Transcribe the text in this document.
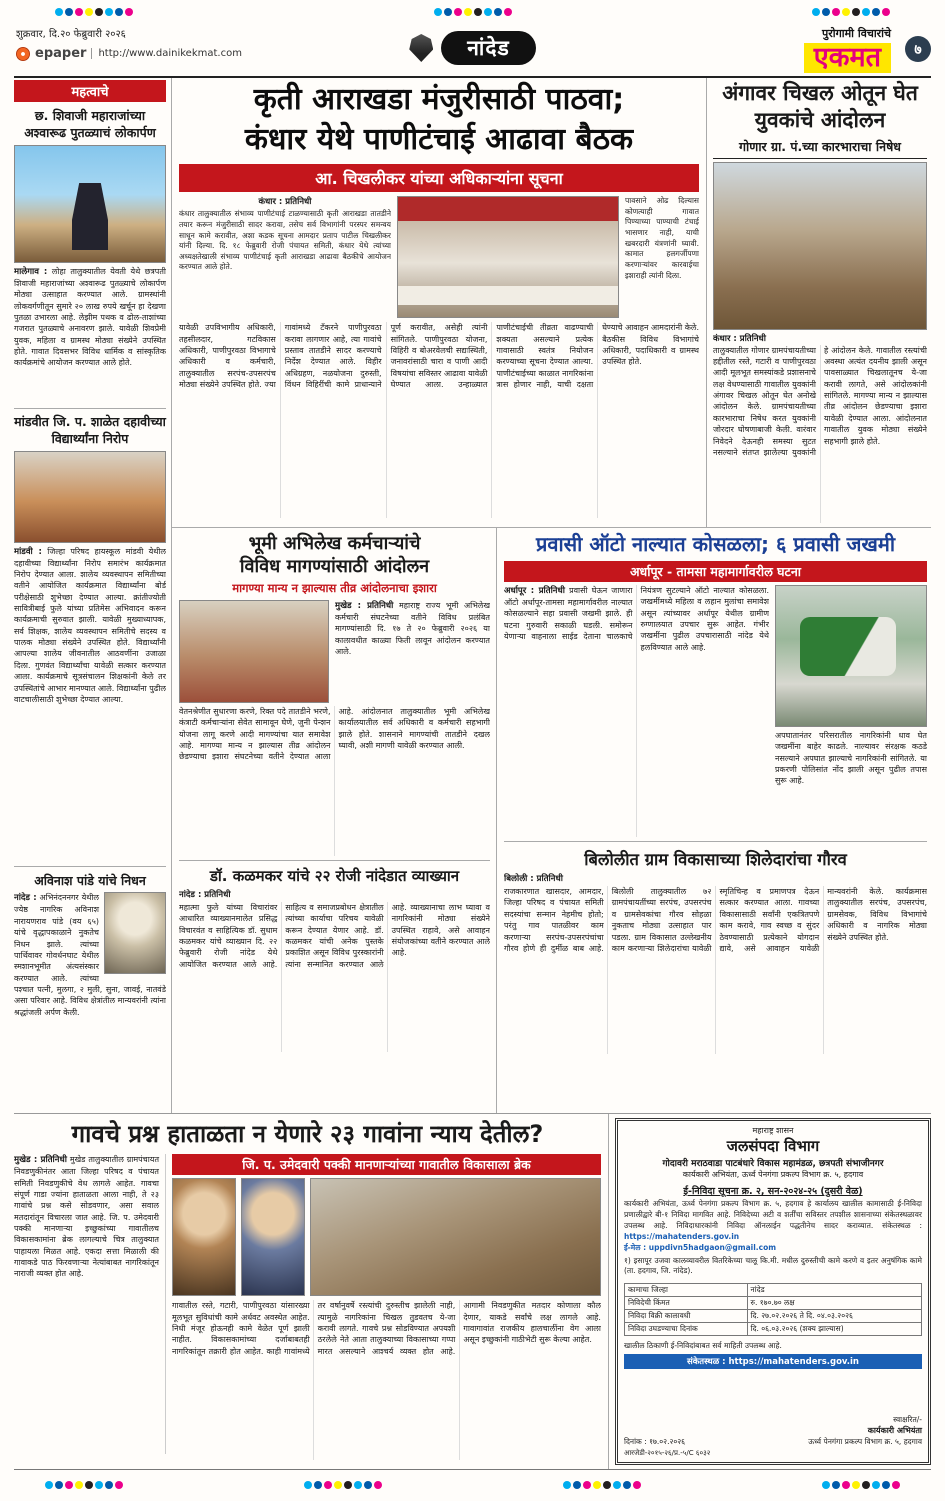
शुक्रवार, दि.२० फेब्रुवारी २०२६
epaper	http://www.dainikekmat.com	नांदेड
पुरोगामी विचारांचे
एकमत	७
महत्वाचे
छ. शिवाजी महाराजांच्या अश्वारूढ पुतळ्याचं लोकार्पण
मालेगाव : लोहा तालुक्यातील येवती येथे छत्रपती शिवाजी महाराजांच्या अश्वारूढ पुतळ्याचे लोकार्पण मोठ्या उत्साहात करण्यात आले. ग्रामस्थांनी लोकवर्गणीतून सुमारे २० लाख रुपये खर्चून हा देखणा पुतळा उभारला आहे. लेझीम पथक व ढोल-ताशांच्या गजरात पुतळ्याचे अनावरण झाले. यावेळी शिवप्रेमी युवक, महिला व ग्रामस्थ मोठ्या संख्येने उपस्थित होते. गावात दिवसभर विविध धार्मिक व सांस्कृतिक कार्यक्रमांचे आयोजन करण्यात आले होते.
मांडवीत जि. प. शाळेत दहावीच्या विद्यार्थ्यांना निरोप
मांडवी : जिल्हा परिषद हायस्कूल मांडवी येथील दहावीच्या विद्यार्थ्यांना निरोप समारंभ कार्यक्रमात निरोप देण्यात आला. शालेय व्यवस्थापन समितीच्या वतीने आयोजित कार्यक्रमात विद्यार्थ्यांना बोर्ड परीक्षेसाठी शुभेच्छा देण्यात आल्या. क्रांतीज्योती सावित्रीबाई फुले यांच्या प्रतिमेस अभिवादन करून कार्यक्रमाची सुरुवात झाली. यावेळी मुख्याध्यापक, सर्व शिक्षक, शालेय व्यवस्थापन समितीचे सदस्य व पालक मोठ्या संख्येने उपस्थित होते. विद्यार्थ्यांनी आपल्या शालेय जीवनातील आठवणींना उजाळा दिला. गुणवंत विद्यार्थ्यांचा यावेळी सत्कार करण्यात आला. कार्यक्रमाचे सूत्रसंचालन शिक्षकांनी केले तर उपस्थितांचे आभार मानण्यात आले. विद्यार्थ्यांना पुढील वाटचालीसाठी शुभेच्छा देण्यात आल्या.
अविनाश पांडे यांचे निधन
नांदेड : अभिनंदननगर येथील ज्येष्ठ नागरिक अविनाश नारायणराव पांडे (वय ६५) यांचे वृद्धापकाळाने नुकतेच निधन झाले. त्यांच्या पार्थिवावर गोवर्धनघाट येथील स्मशानभूमीत अंत्यसंस्कार करण्यात आले. त्यांच्या पश्चात पत्नी, मुलगा, २ मुली, सुना, जावई, नातवंडे असा परिवार आहे. विविध क्षेत्रांतील मान्यवरांनी त्यांना श्रद्धांजली अर्पण केली.
कृती आराखडा मंजुरीसाठी पाठवा;
कंधार येथे पाणीटंचाई आढावा बैठक
आ. चिखलीकर यांच्या अधिकाऱ्यांना सूचना
कंधार : प्रतिनिधी
कंधार तालुक्यातील संभाव्य पाणीटंचाई टाळण्यासाठी कृती आराखडा तातडीने तयार करून मंजुरीसाठी सादर करावा, तसेच सर्व विभागांनी परस्पर समन्वय साधून कामे करावीत, अशा कडक सूचना आमदार प्रताप पाटील चिखलीकर यांनी दिल्या. दि. १८ फेब्रुवारी रोजी पंचायत समिती, कंधार येथे त्यांच्या अध्यक्षतेखाली संभाव्य पाणीटंचाई कृती आराखडा आढावा बैठकीचे आयोजन करण्यात आले होते.
पावसाने ओढ दिल्यास कोणत्याही गावात पिण्याच्या पाण्याची टंचाई भासणार नाही, याची खबरदारी यंत्रणांनी घ्यावी. कामात हलगर्जीपणा करणाऱ्यांवर कारवाईचा इशाराही त्यांनी दिला.
यावेळी उपविभागीय अधिकारी, तहसीलदार, गटविकास अधिकारी, पाणीपुरवठा विभागाचे अधिकारी व कर्मचारी, तालुक्यातील सरपंच-उपसरपंच मोठ्या संख्येने उपस्थित होते. ज्या गावांमध्ये टँकरने पाणीपुरवठा करावा लागणार आहे, त्या गावांचे प्रस्ताव तातडीने सादर करण्याचे निर्देश देण्यात आले. विहीर अधिग्रहण, नळयोजना दुरुस्ती, विंधन विहिरींची कामे प्राधान्याने पूर्ण करावीत, असेही त्यांनी सांगितले. पाणीपुरवठा योजना, विहिरी व बोअरवेलची सद्यःस्थिती, जनावरांसाठी चारा व पाणी आदी विषयांचा सविस्तर आढावा यावेळी घेण्यात आला. उन्हाळ्यात पाणीटंचाईची तीव्रता वाढण्याची शक्यता असल्याने प्रत्येक गावासाठी स्वतंत्र नियोजन करण्याच्या सूचना देण्यात आल्या. पाणीटंचाईच्या काळात नागरिकांना त्रास होणार नाही, याची दक्षता घेण्याचे आवाहन आमदारांनी केले. बैठकीस विविध विभागांचे अधिकारी, पदाधिकारी व ग्रामस्थ उपस्थित होते.
अंगावर चिखल ओतून घेत युवकांचे आंदोलन
गोणार ग्रा. पं.च्या कारभाराचा निषेध
कंधार : प्रतिनिधी
तालुक्यातील गोणार ग्रामपंचायतीच्या हद्दीतील रस्ते, गटारी व पाणीपुरवठा आदी मूलभूत समस्यांकडे प्रशासनाचे लक्ष वेधण्यासाठी गावातील युवकांनी अंगावर चिखल ओतून घेत अनोखे आंदोलन केले. ग्रामपंचायतीच्या कारभाराचा निषेध करत युवकांनी जोरदार घोषणाबाजी केली. वारंवार निवेदने देऊनही समस्या सुटत नसल्याने संतप्त झालेल्या युवकांनी हे आंदोलन केले. गावातील रस्त्यांची अवस्था अत्यंत दयनीय झाली असून पावसाळ्यात चिखलातूनच ये-जा करावी लागते, असे आंदोलकांनी सांगितले. मागण्या मान्य न झाल्यास तीव्र आंदोलन छेडण्याचा इशारा यावेळी देण्यात आला. आंदोलनात गावातील युवक मोठ्या संख्येने सहभागी झाले होते.
भूमी अभिलेख कर्मचाऱ्यांचे
विविध मागण्यांसाठी आंदोलन
मागण्या मान्य न झाल्यास तीव्र आंदोलनाचा इशारा
मुखेड : प्रतिनिधी महाराष्ट्र राज्य भूमी अभिलेख कर्मचारी संघटनेच्या वतीने विविध प्रलंबित मागण्यांसाठी दि. १७ ते २० फेब्रुवारी २०२६ या कालावधीत काळ्या फिती लावून आंदोलन करण्यात आले.
वेतनश्रेणीत सुधारणा करणे, रिक्त पदे तातडीने भरणे, कंत्राटी कर्मचाऱ्यांना सेवेत सामावून घेणे, जुनी पेन्शन योजना लागू करणे आदी मागण्यांचा यात समावेश आहे. मागण्या मान्य न झाल्यास तीव्र आंदोलन छेडण्याचा इशारा संघटनेच्या वतीने देण्यात आला आहे. आंदोलनात तालुक्यातील भूमी अभिलेख कार्यालयातील सर्व अधिकारी व कर्मचारी सहभागी झाले होते. शासनाने मागण्यांची तातडीने दखल घ्यावी, अशी मागणी यावेळी करण्यात आली.
डॉ. कळमकर यांचे २२ रोजी नांदेडात व्याख्यान
नांदेड : प्रतिनिधी
महात्मा फुले यांच्या विचारांवर आधारित व्याख्यानमालेत प्रसिद्ध विचारवंत व साहित्यिक डॉ. सुधाम कळमकर यांचे व्याख्यान दि. २२ फेब्रुवारी रोजी नांदेड येथे आयोजित करण्यात आले आहे. साहित्य व समाजप्रबोधन क्षेत्रातील त्यांच्या कार्याचा परिचय यावेळी करून देण्यात येणार आहे. डॉ. कळमकर यांची अनेक पुस्तके प्रकाशित असून विविध पुरस्कारांनी त्यांना सन्मानित करण्यात आले आहे. व्याख्यानाचा लाभ घ्यावा व नागरिकांनी मोठ्या संख्येने उपस्थित राहावे, असे आवाहन संयोजकांच्या वतीने करण्यात आले आहे.
प्रवासी ऑटो नाल्यात कोसळला; ६ प्रवासी जखमी
अर्धापूर - तामसा महामार्गावरील घटना
अर्धापूर : प्रतिनिधी प्रवासी घेऊन जाणारा ऑटो अर्धापूर-तामसा महामार्गावरील नाल्यात कोसळल्याने सहा प्रवासी जखमी झाले. ही घटना गुरुवारी सकाळी घडली. समोरून येणाऱ्या वाहनाला साईड देताना चालकाचे नियंत्रण सुटल्याने ऑटो नाल्यात कोसळला. जखमींमध्ये महिला व लहान मुलांचा समावेश असून त्यांच्यावर अर्धापूर येथील ग्रामीण रुग्णालयात उपचार सुरू आहेत. गंभीर जखमींना पुढील उपचारासाठी नांदेड येथे हलविण्यात आले आहे.
अपघातानंतर परिसरातील नागरिकांनी धाव घेत जखमींना बाहेर काढले. नाल्यावर संरक्षक कठडे नसल्याने अपघात झाल्याचे नागरिकांनी सांगितले. या प्रकरणी पोलिसांत नोंद झाली असून पुढील तपास सुरू आहे.
बिलोलीत ग्राम विकासाच्या शिलेदारांचा गौरव
बिलोली : प्रतिनिधी
राजकारणात खासदार, आमदार, जिल्हा परिषद व पंचायत समिती सदस्यांचा सन्मान नेहमीच होतो; परंतु गाव पातळीवर काम करणाऱ्या सरपंच-उपसरपंचांचा गौरव होणे ही दुर्मीळ बाब आहे. बिलोली तालुक्यातील ७२ ग्रामपंचायतींच्या सरपंच, उपसरपंच व ग्रामसेवकांचा गौरव सोहळा नुकताच मोठ्या उत्साहात पार पडला. ग्राम विकासात उल्लेखनीय काम करणाऱ्या शिलेदारांचा यावेळी स्मृतिचिन्ह व प्रमाणपत्र देऊन सत्कार करण्यात आला. गावच्या विकासासाठी सर्वांनी एकत्रितपणे काम करावे, गाव स्वच्छ व सुंदर ठेवण्यासाठी प्रत्येकाने योगदान द्यावे, असे आवाहन यावेळी मान्यवरांनी केले. कार्यक्रमास तालुक्यातील सरपंच, उपसरपंच, ग्रामसेवक, विविध विभागांचे अधिकारी व नागरिक मोठ्या संख्येने उपस्थित होते.
गावचे प्रश्न हाताळता न येणारे २३ गावांना न्याय देतील?
मुखेड : प्रतिनिधी मुखेड तालुक्यातील ग्रामपंचायत निवडणुकीनंतर आता जिल्हा परिषद व पंचायत समिती निवडणुकीचे वेध लागले आहेत. गावचा संपूर्ण गाडा ज्यांना हाताळता आला नाही, ते २३ गावांचे प्रश्न कसे सोडवणार, असा सवाल मतदारांतून विचारला जात आहे. जि. प. उमेदवारी पक्की मानणाऱ्या इच्छुकांच्या गावातीलच विकासकामांना ब्रेक लागल्याचे चित्र तालुक्यात पाहायला मिळत आहे. एकदा सत्ता मिळाली की गावाकडे पाठ फिरवणाऱ्या नेत्यांबाबत नागरिकांतून नाराजी व्यक्त होत आहे.
जि. प. उमेदवारी पक्की मानणाऱ्यांच्या गावातील विकासाला ब्रेक
गावातील रस्ते, गटारी, पाणीपुरवठा यांसारख्या मूलभूत सुविधांची कामे अर्धवट अवस्थेत आहेत. निधी मंजूर होऊनही कामे वेळेत पूर्ण झाली नाहीत. विकासकामांच्या दर्जाबाबतही नागरिकांतून तक्रारी होत आहेत. काही गावांमध्ये तर वर्षानुवर्षे रस्त्यांची दुरुस्तीच झालेली नाही, त्यामुळे नागरिकांना चिखल तुडवतच ये-जा करावी लागते. गावचे प्रश्न सोडविण्यात अपयशी ठरलेले नेते आता तालुक्याच्या विकासाच्या गप्पा मारत असल्याने आश्चर्य व्यक्त होत आहे. आगामी निवडणुकीत मतदार कोणाला कौल देणार, याकडे सर्वांचे लक्ष लागले आहे. गावागावांत राजकीय हालचालींना वेग आला असून इच्छुकांनी गाठीभेटी सुरू केल्या आहेत.
महाराष्ट्र शासन
जलसंपदा विभाग
गोदावरी मराठवाडा पाटबंधारे विकास महामंडळ, छत्रपती संभाजीनगर
कार्यकारी अभियंता, ऊर्ध्व पेनगंगा प्रकल्प विभाग क्र. ५, हदगाव
ई-निविदा सूचना क्र. २, सन-२०२४-२५ (दुसरी वेळ)
कार्यकारी अभियंता, ऊर्ध्व पेनगंगा प्रकल्प विभाग क्र. ५, हदगाव हे कार्यालय खालील कामासाठी ई-निविदा प्रणालीद्वारे बी-१ निविदा मागवित आहे. निविदेच्या अटी व शर्तींचा सविस्तर तपशील शासनाच्या संकेतस्थळावर उपलब्ध आहे. निविदाधारकांनी निविदा ऑनलाईन पद्धतीनेच सादर कराव्यात. संकेतस्थळ : https://mahatenders.gov.in
ई-मेल : uppdivn5hadgaon@gmail.com
१) इसापूर उजवा कालव्यावरील वितरिकेच्या चालू कि.मी. मधील दुरुस्तीची कामे करणे व इतर अनुषंगिक कामे (ता. हदगाव, जि. नांदेड).
कामाचा जिल्हा	नांदेड
निविदेची किंमत	रु. १७०.७० लक्ष
निविदा विक्री कालावधी	दि. २७.०२.२०२६ ते दि. ०४.०३.२०२६
निविदा उघडण्याचा दिनांक	दि. ०६.०३.२०२६ (शक्य झाल्यास)
खालील ठिकाणी ई-निविदांबाबत सर्व माहिती उपलब्ध आहे.
संकेतस्थळ : https://mahatenders.gov.in
दिनांक : १७.०२.२०२६
स्वाक्षरित/-
कार्यकारी अभियंता
ऊर्ध्व पेनगंगा प्रकल्प विभाग क्र. ५, हदगाव
आरजेडी-२०१५-२६/प्र.-५/C ६०३२
